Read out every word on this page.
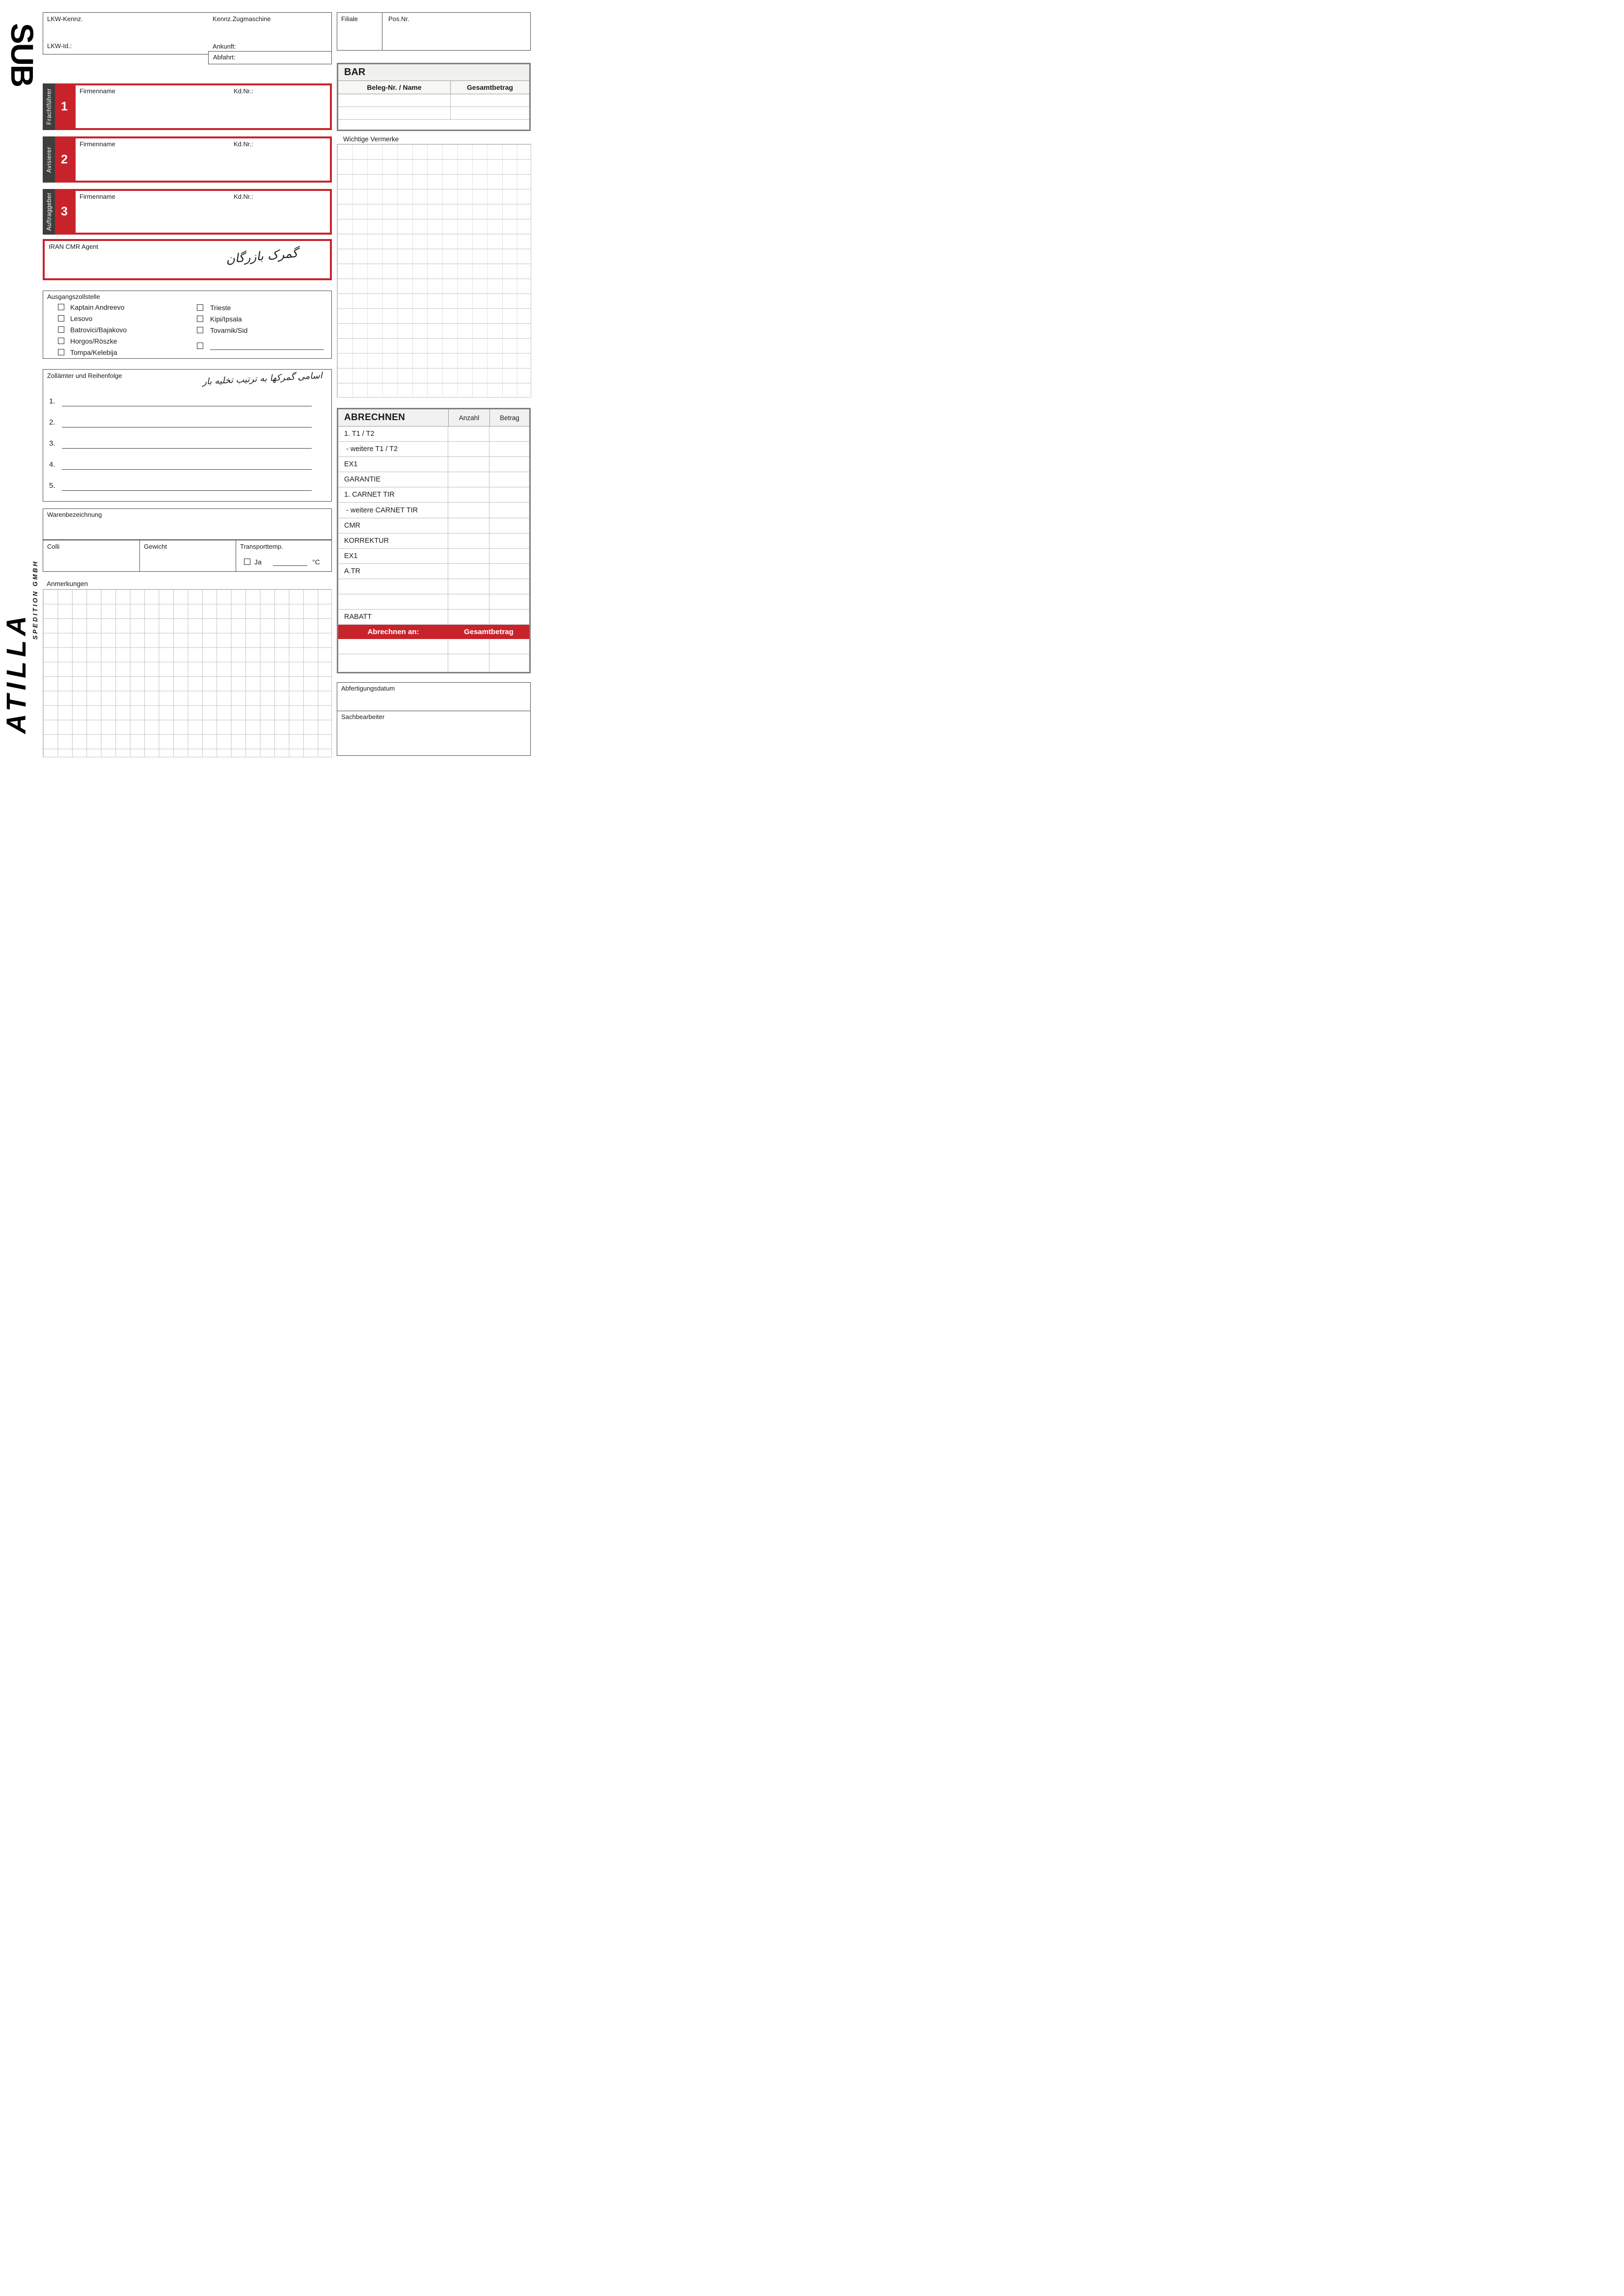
SUB
LKW-Kennz.	Kennz.Zugmaschine
LKW-Id.:	Ankunft:
Abfahrt:
Filiale	Pos.Nr.
BAR
Beleg-Nr. / Name	Gesamtbetrag
Frachtführer 1
Firmenname	Kd.Nr.:
Avisierer 2
Firmenname	Kd.Nr.:
Auftraggeber 3
Firmenname	Kd.Nr.:
IRAN CMR Agent	گمرک بازرگان
Wichtige Vermerke
Ausgangszollstelle
Kaptain Andreevo
Lesovo
Batrovici/Bajakovo
Horgos/Röszke
Tompa/Kelebija
Trieste
Kipi/Ipsala
Tovarnik/Sid
Zollämter und Reihenfolge	اسامی گمرکها به ترتیب تخلیه بار
1.
2.
3.
4.
5.
Warenbezeichnung
Colli	Gewicht	Transporttemp.
Ja	°C
Anmerkungen
ABRECHNEN	Anzahl	Betrag
1. T1 / T2
- weitere T1 / T2
EX1
GARANTIE
1. CARNET TIR
- weitere CARNET TIR
CMR
KORREKTUR
EX1
A.TR
RABATT
Abrechnen an:	Gesamtbetrag
Abfertigungsdatum
Sachbearbeiter
ATILLA
SPEDITION GMBH
